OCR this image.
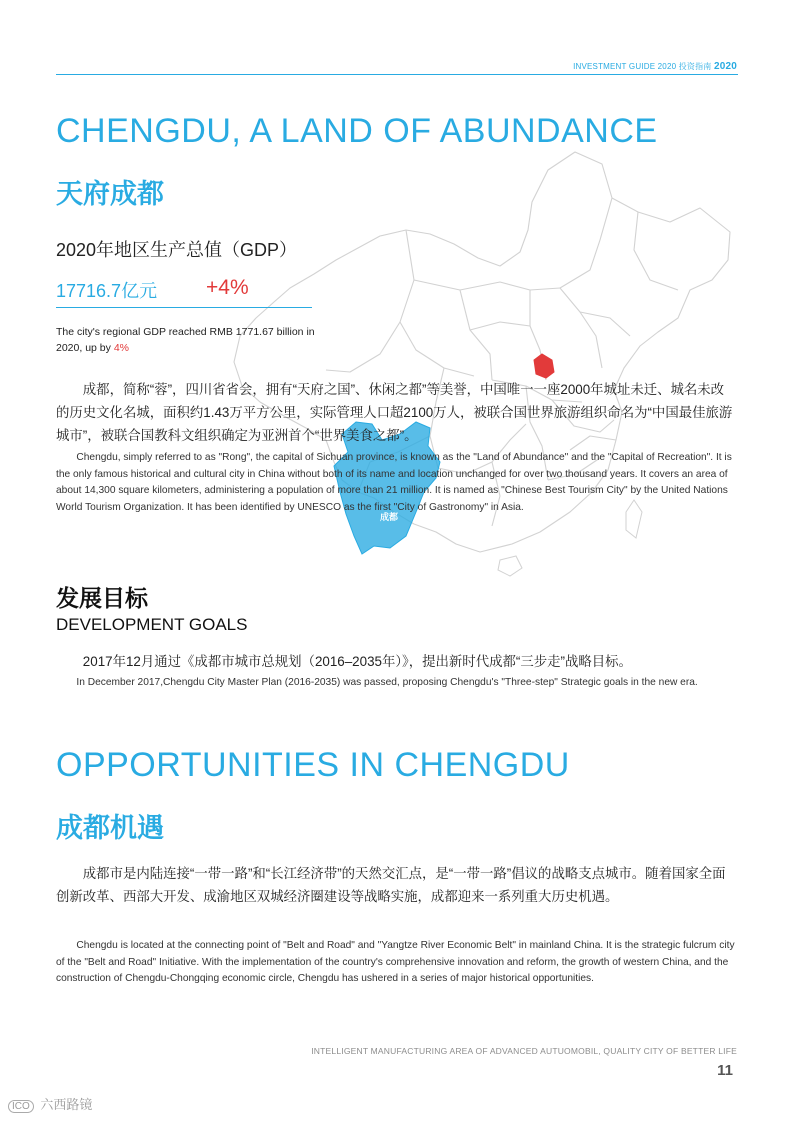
INVESTMENT GUIDE 2020 投资指南 2020
成都
CHENGDU, A LAND OF ABUNDANCE
天府成都
2020年地区生产总值（GDP）
17716.7亿元 +4%
The city's regional GDP reached RMB 1771.67 billion in 2020, up by 4%
成都，简称“蓉”，四川省省会，拥有“天府之国”、休闲之都”等美誉，中国唯一一座2000年城址未迁、城名未改的历史文化名城，面积约1.43万平方公里，实际管理人口超2100万人，被联合国世界旅游组织命名为“中国最佳旅游城市”，被联合国教科文组织确定为亚洲首个“世界美食之都”。
Chengdu, simply referred to as "Rong", the capital of Sichuan province, is known as the "Land of Abundance" and the "Capital of Recreation". It is the only famous historical and cultural city in China without both of its name and location unchanged for over two thousand years. It covers an area of about 14,300 square kilometers, administering a population of more than 21 million. It is named as "Chinese Best Tourism City" by the United Nations World Tourism Organization. It has been identified by UNESCO as the first "City of Gastronomy" in Asia.
发展目标
DEVELOPMENT GOALS
2017年12月通过《成都市城市总规划（2016–2035年）》，提出新时代成都“三步走”战略目标。
In December 2017,Chengdu City Master Plan (2016-2035) was passed, proposing Chengdu's "Three-step" Strategic goals in the new era.
OPPORTUNITIES IN CHENGDU
成都机遇
成都市是内陆连接“一带一路”和“长江经济带”的天然交汇点，是“一带一路”倡议的战略支点城市。随着国家全面创新改革、西部大开发、成渝地区双城经济圈建设等战略实施，成都迎来一系列重大历史机遇。
Chengdu is located at the connecting point of "Belt and Road" and "Yangtze River Economic Belt" in mainland China. It is the strategic fulcrum city of the "Belt and Road" Initiative. With the implementation of the country's comprehensive innovation and reform, the growth of western China, and the construction of Chengdu-Chongqing economic circle, Chengdu has ushered in a series of major historical opportunities.
INTELLIGENT MANUFACTURING AREA OF ADVANCED AUTUOMOBIL, QUALITY CITY OF BETTER LIFE
11
ICO 六西路镜
